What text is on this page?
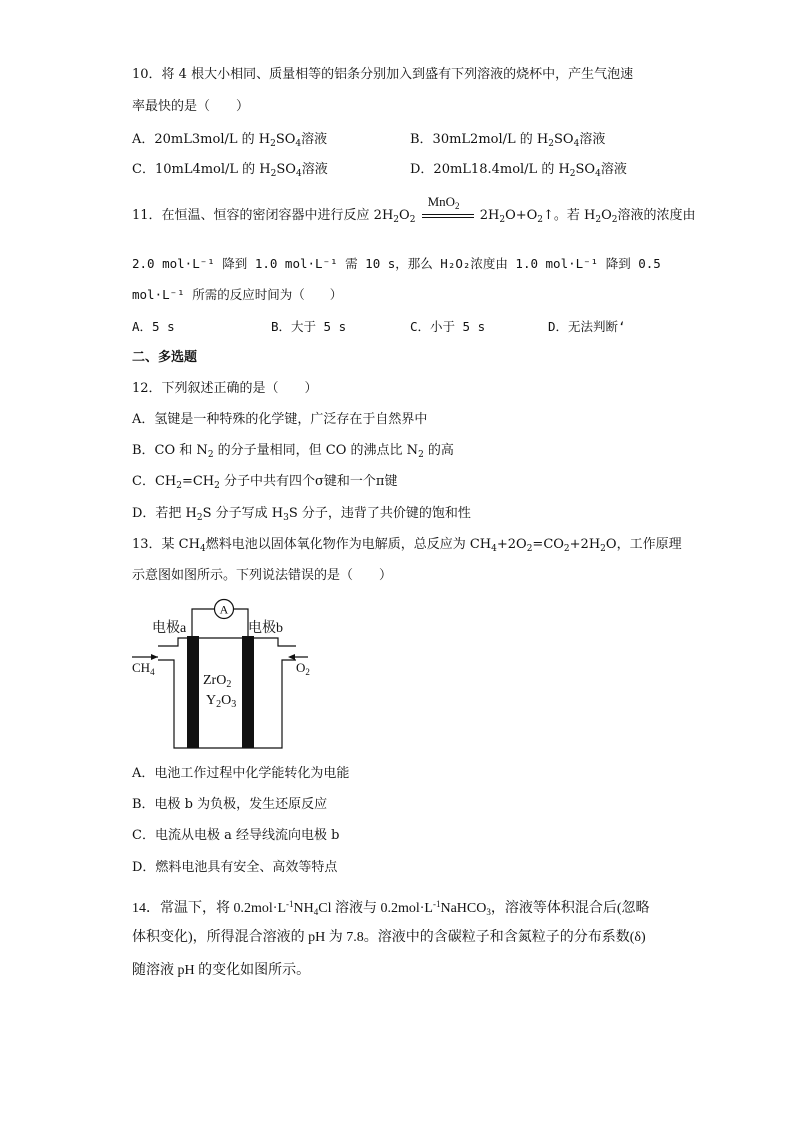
10．将 4 根大小相同、质量相等的铝条分别加入到盛有下列溶液的烧杯中，产生气泡速
率最快的是（　　）
A．20mL3mol/L 的 $H_2SO_4$溶液	B．30mL2mol/L 的 $H_2SO_4$溶液
C．10mL4mol/L 的 $H_2SO_4$溶液	D．20mL18.4mol/L 的 $H_2SO_4$溶液
11．在恒温、恒容的密闭容器中进行反应 $2H_2O_2$
MnO$_2$
$2H_2O+O_2↑$。若 $H_2O_2$溶液的浓度由
2.0 mol·L⁻¹ 降到 1.0 mol·L⁻¹ 需 10 s，那么 H₂O₂浓度由 1.0 mol·L⁻¹ 降到 0.5
mol·L⁻¹ 所需的反应时间为（　　）
A．5 s	B．大于 5 s	C．小于 5 s	D．无法判断‘
二、多选题
12．下列叙述正确的是（　　）
A．氢键是一种特殊的化学键，广泛存在于自然界中
B．CO 和 $N_2$ 的分子量相同，但 CO 的沸点比 $N_2$ 的高
C．$CH_2=CH_2$ 分子中共有四个σ键和一个π键
D．若把 $H_2S$ 分子写成 $H_3S$ 分子，违背了共价键的饱和性
13．某 $CH_4$燃料电池以固体氧化物作为电解质，总反应为 $CH_4+2O_2=CO_2+2H_2O$，工作原理
示意图如图所示。下列说法错误的是（　　）
A
电极a	电极b
$CH_4$	$O_2$
ZrO$_2$
$Y_2O_3$
A．电池工作过程中化学能转化为电能
B．电极 b 为负极，发生还原反应
C．电流从电极 a 经导线流向电极 b
D．燃料电池具有安全、高效等特点
14．常温下，将 $0.2mol\cdot L^{-1}NH_4Cl$ 溶液与 $0.2mol\cdot L^{-1}NaHCO_3$，溶液等体积混合后(忽略
体积变化)，所得混合溶液的 pH 为 7.8。溶液中的含碳粒子和含氮粒子的分布系数(δ)
随溶液 pH 的变化如图所示。
